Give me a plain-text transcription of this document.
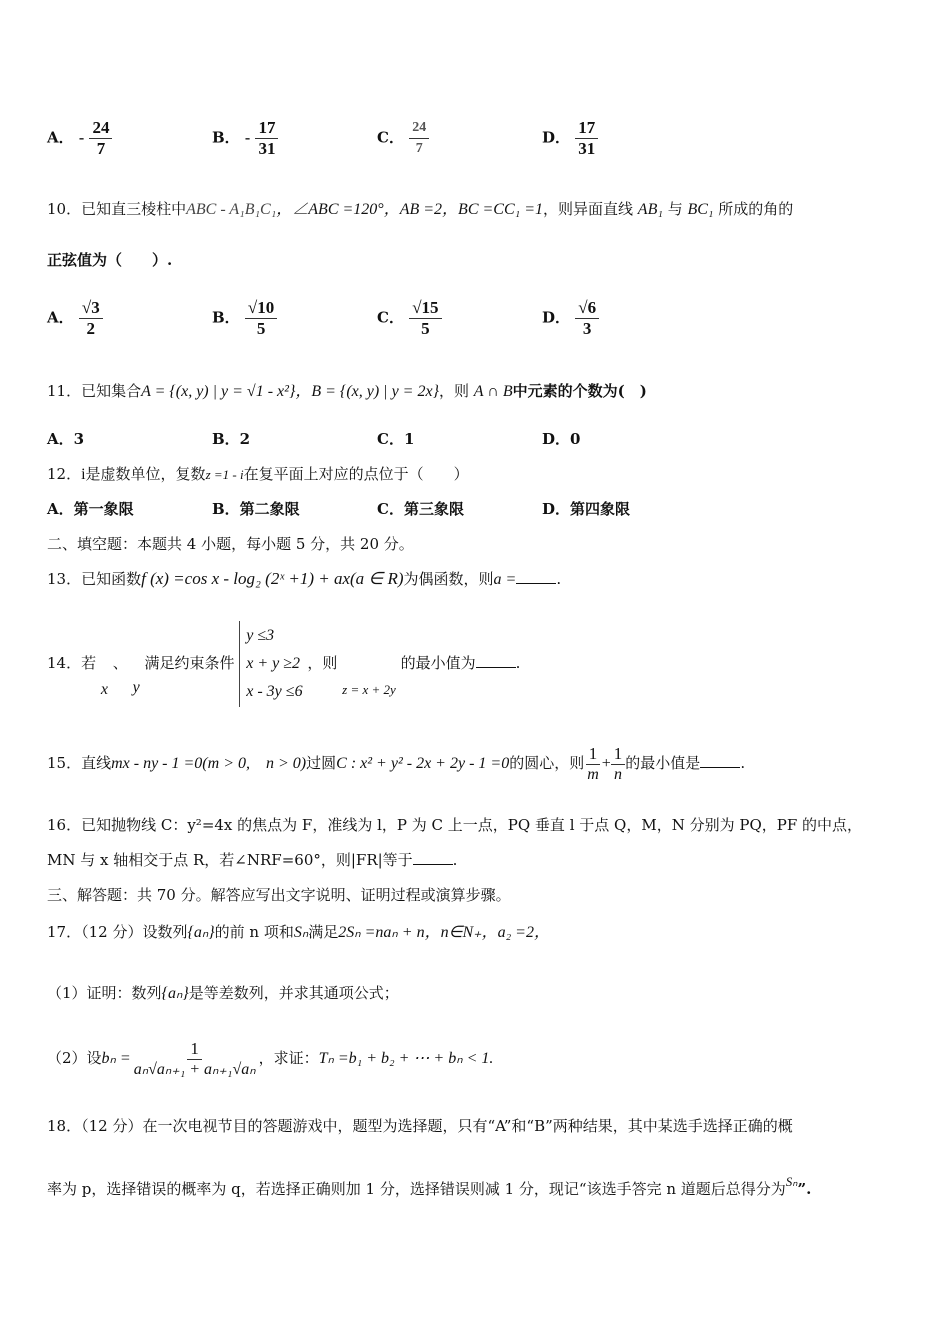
A． - $\frac{24}{7}$	B． - $\frac{17}{31}$	C． $\frac{24}{7}$	D． $\frac{17}{31}$
10．已知直三棱柱中ABC - A₁B₁C₁，∠ABC =120°，AB =2，BC =CC₁ =1，则异面直线 AB₁ 与 BC₁ 所成的角的
正弦值为（　　）.
A． $\frac{√3}{2}$	B． $\frac{√10}{5}$	C． $\frac{√15}{5}$	D． $\frac{√6}{3}$
11．已知集合A = {(x, y) | y = √1 - x²}，B = {(x, y) | y = 2x}，则 A ∩ B中元素的个数为(　)
A．3	B．2	C．1	D．0
12．i是虚数单位，复数z =1 - i在复平面上对应的点位于（　　）
A．第一象限	B．第二象限	C．第三象限	D．第四象限
二、填空题：本题共 4 小题，每小题 5 分，共 20 分。
13．已知函数f (x) =cos x - log₂ (2ˣ +1) + ax(a ∈ R)为偶函数，则a =	.
14．若 x 、 y 满足约束条件
y ≤3
x + y ≥2
x - 3y ≤6
，则 z = x + 2y 的最小值为	.
15．直线mx - ny - 1 =0(m > 0,　n > 0)过圆C : x² + y² - 2x + 2y - 1 =0的圆心，则 $\frac{1}{m} + \frac{1}{n}$ 的最小值是	.
16．已知抛物线 C：y²=4x 的焦点为 F，准线为 l，P 为 C 上一点，PQ 垂直 l 于点 Q，M，N 分别为 PQ，PF 的中点，
MN 与 x 轴相交于点 R，若∠NRF=60°，则|FR|等于	.
三、解答题：共 70 分。解答应写出文字说明、证明过程或演算步骤。
17．（12 分）设数列{aₙ}的前 n 项和Sₙ满足2Sₙ =naₙ + n，n∈N₊，a₂ =2，
（1）证明：数列{aₙ}是等差数列，并求其通项公式；
（2）设$b_n = \frac{1}{\text{aₙ√aₙ₊₁ + aₙ₊₁√aₙ}}$ ，求证：Tₙ =b₁ + b₂ + ⋯ + bₙ < 1.
18．（12 分）在一次电视节目的答题游戏中，题型为选择题，只有“A”和“B”两种结果，其中某选手选择正确的概
率为 p，选择错误的概率为 q，若选择正确则加 1 分，选择错误则减 1 分，现记“该选手答完 n 道题后总得分为Sₙ”.
